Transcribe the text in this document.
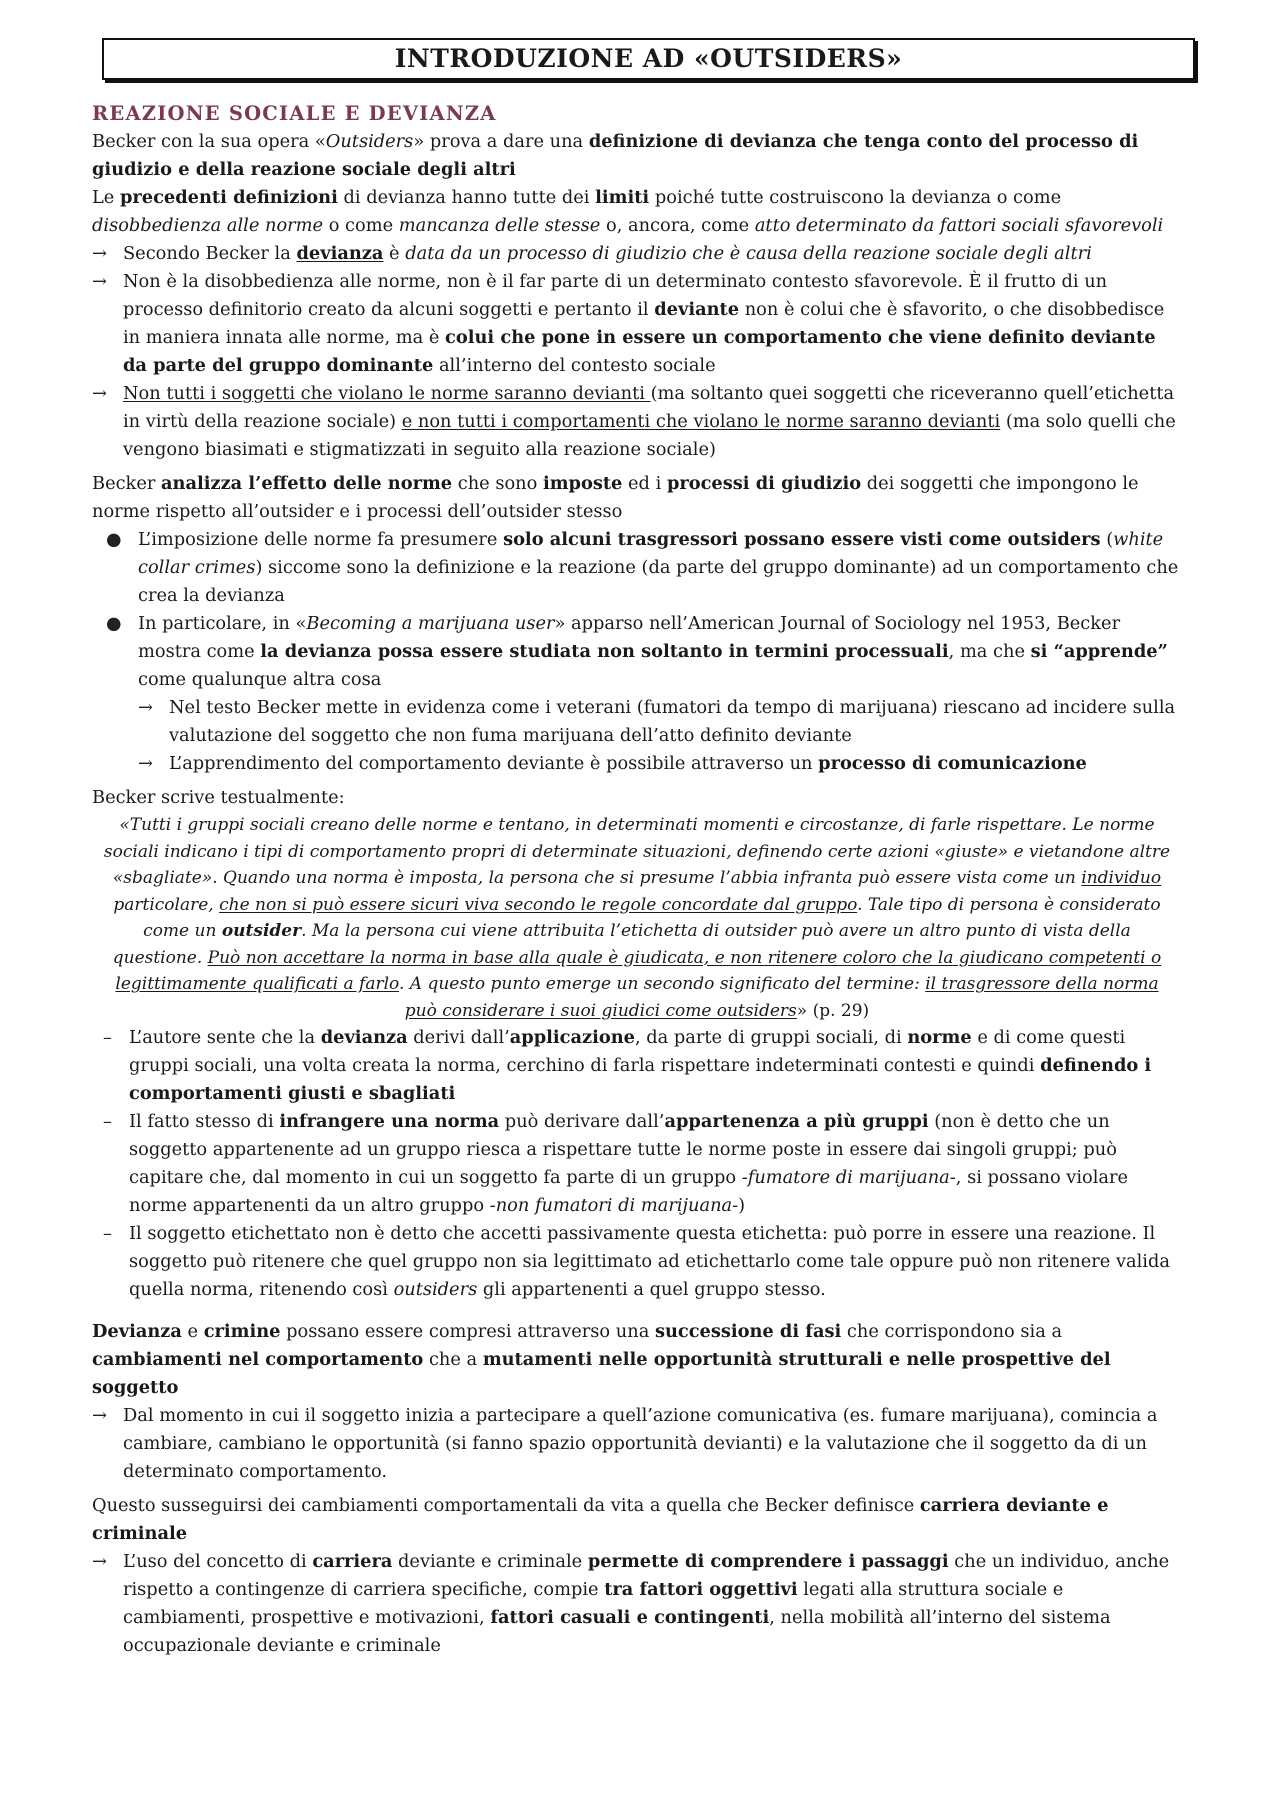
INTRODUZIONE AD «OUTSIDERS»
REAZIONE SOCIALE E DEVIANZA
Becker con la sua opera «Outsiders» prova a dare una definizione di devianza che tenga conto del processo di giudizio e della reazione sociale degli altri
Le precedenti definizioni di devianza hanno tutte dei limiti poiché tutte costruiscono la devianza o come disobbedienza alle norme o come mancanza delle stesse o, ancora, come atto determinato da fattori sociali sfavorevoli
→ Secondo Becker la devianza è data da un processo di giudizio che è causa della reazione sociale degli altri
→ Non è la disobbedienza alle norme, non è il far parte di un determinato contesto sfavorevole. È il frutto di un processo definitorio creato da alcuni soggetti e pertanto il deviante non è colui che è sfavorito, o che disobbedisce in maniera innata alle norme, ma è colui che pone in essere un comportamento che viene definito deviante da parte del gruppo dominante all’interno del contesto sociale
→ Non tutti i soggetti che violano le norme saranno devianti (ma soltanto quei soggetti che riceveranno quell’etichetta in virtù della reazione sociale) e non tutti i comportamenti che violano le norme saranno devianti (ma solo quelli che vengono biasimati e stigmatizzati in seguito alla reazione sociale)
Becker analizza l’effetto delle norme che sono imposte ed i processi di giudizio dei soggetti che impongono le norme rispetto all’outsider e i processi dell’outsider stesso
● L’imposizione delle norme fa presumere solo alcuni trasgressori possano essere visti come outsiders (white collar crimes) siccome sono la definizione e la reazione (da parte del gruppo dominante) ad un comportamento che crea la devianza
● In particolare, in «Becoming a marijuana user» apparso nell’American Journal of Sociology nel 1953, Becker mostra come la devianza possa essere studiata non soltanto in termini processuali, ma che si “apprende” come qualunque altra cosa
→ Nel testo Becker mette in evidenza come i veterani (fumatori da tempo di marijuana) riescano ad incidere sulla valutazione del soggetto che non fuma marijuana dell’atto definito deviante
→ L’apprendimento del comportamento deviante è possibile attraverso un processo di comunicazione
Becker scrive testualmente:
«Tutti i gruppi sociali creano delle norme e tentano, in determinati momenti e circostanze, di farle rispettare. Le norme sociali indicano i tipi di comportamento propri di determinate situazioni, definendo certe azioni «giuste» e vietandone altre «sbagliate». Quando una norma è imposta, la persona che si presume l’abbia infranta può essere vista come un individuo particolare, che non si può essere sicuri viva secondo le regole concordate dal gruppo. Tale tipo di persona è considerato come un outsider. Ma la persona cui viene attribuita l’etichetta di outsider può avere un altro punto di vista della questione. Può non accettare la norma in base alla quale è giudicata, e non ritenere coloro che la giudicano competenti o legittimamente qualificati a farlo. A questo punto emerge un secondo significato del termine: il trasgressore della norma può considerare i suoi giudici come outsiders» (p. 29)
– L’autore sente che la devianza derivi dall’applicazione, da parte di gruppi sociali, di norme e di come questi gruppi sociali, una volta creata la norma, cerchino di farla rispettare indeterminati contesti e quindi definendo i comportamenti giusti e sbagliati
– Il fatto stesso di infrangere una norma può derivare dall’appartenenza a più gruppi (non è detto che un soggetto appartenente ad un gruppo riesca a rispettare tutte le norme poste in essere dai singoli gruppi; può capitare che, dal momento in cui un soggetto fa parte di un gruppo -fumatore di marijuana-, si possano violare norme appartenenti da un altro gruppo -non fumatori di marijuana-)
– Il soggetto etichettato non è detto che accetti passivamente questa etichetta: può porre in essere una reazione. Il soggetto può ritenere che quel gruppo non sia legittimato ad etichettarlo come tale oppure può non ritenere valida quella norma, ritenendo così outsiders gli appartenenti a quel gruppo stesso.
Devianza e crimine possano essere compresi attraverso una successione di fasi che corrispondono sia a cambiamenti nel comportamento che a mutamenti nelle opportunità strutturali e nelle prospettive del soggetto
→ Dal momento in cui il soggetto inizia a partecipare a quell’azione comunicativa (es. fumare marijuana), comincia a cambiare, cambiano le opportunità (si fanno spazio opportunità devianti) e la valutazione che il soggetto da di un determinato comportamento.
Questo susseguirsi dei cambiamenti comportamentali da vita a quella che Becker definisce carriera deviante e criminale
→ L’uso del concetto di carriera deviante e criminale permette di comprendere i passaggi che un individuo, anche rispetto a contingenze di carriera specifiche, compie tra fattori oggettivi legati alla struttura sociale e cambiamenti, prospettive e motivazioni, fattori casuali e contingenti, nella mobilità all’interno del sistema occupazionale deviante e criminale
